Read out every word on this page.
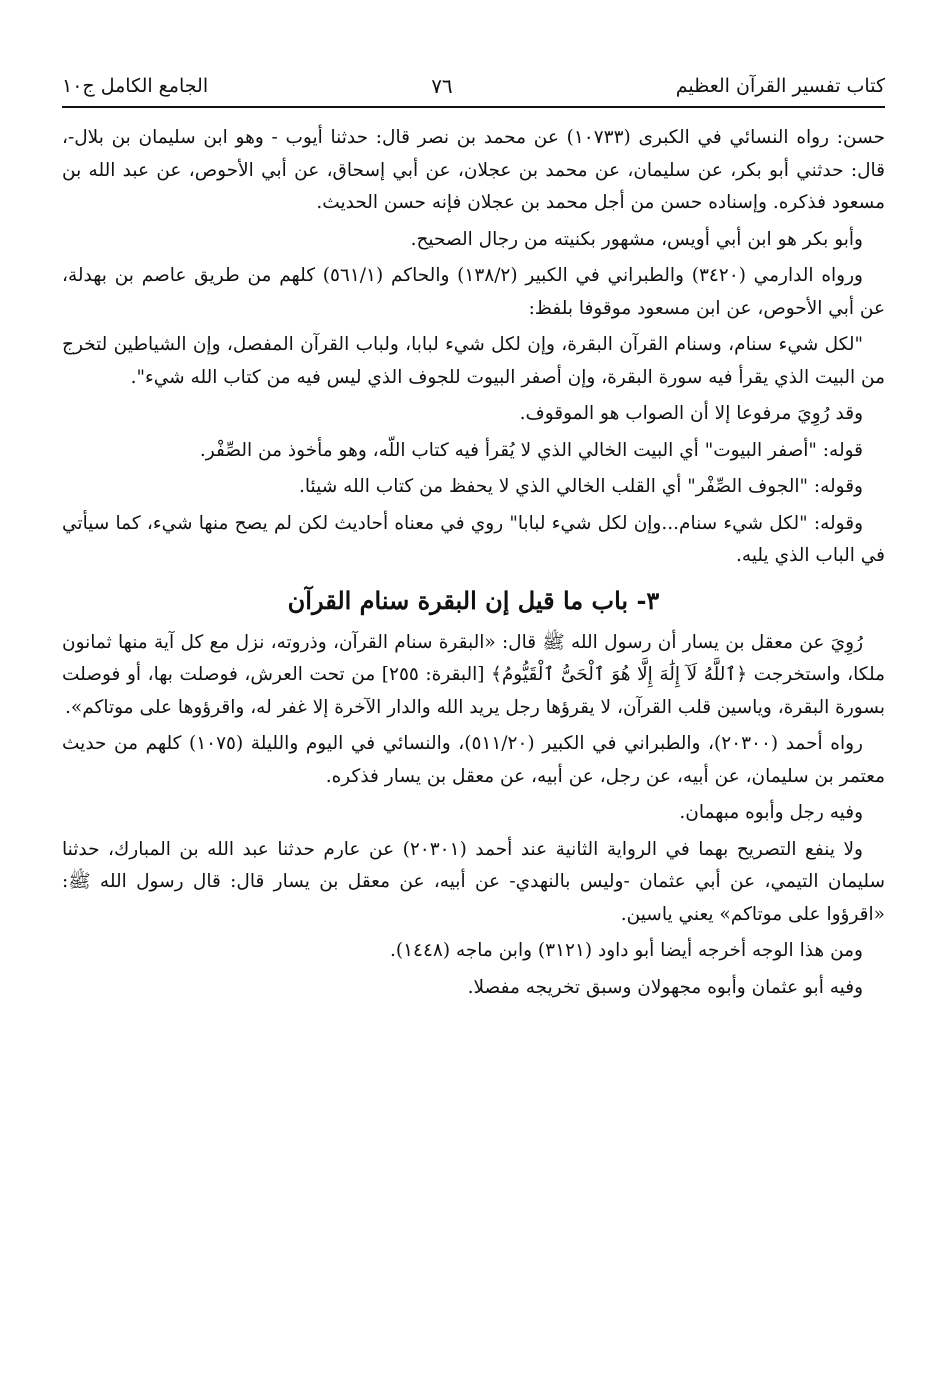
كتاب تفسير القرآن العظيم
٧٦
الجامع الكامل ج١٠

حسن: رواه النسائي في الكبرى (١٠٧٣٣) عن محمد بن نصر قال: حدثنا أيوب - وهو ابن سليمان بن بلال-، قال: حدثني أبو بكر، عن سليمان، عن محمد بن عجلان، عن أبي إسحاق، عن أبي الأحوص، عن عبد الله بن مسعود فذكره. وإسناده حسن من أجل محمد بن عجلان فإنه حسن الحديث.

وأبو بكر هو ابن أبي أويس، مشهور بكنيته من رجال الصحيح.

ورواه الدارمي (٣٤٢٠) والطبراني في الكبير (١٣٨/٢) والحاكم (٥٦١/١) كلهم من طريق عاصم بن بهدلة، عن أبي الأحوص، عن ابن مسعود موقوفا بلفظ:

"لكل شيء سنام، وسنام القرآن البقرة، وإن لكل شيء لبابا، ولباب القرآن المفصل، وإن الشياطين لتخرج من البيت الذي يقرأ فيه سورة البقرة، وإن أصفر البيوت للجوف الذي ليس فيه من كتاب الله شيء".

وقد رُوِيَ مرفوعا إلا أن الصواب هو الموقوف.

قوله: "أصفر البيوت" أي البيت الخالي الذي لا يُقرأ فيه كتاب اللّه، وهو مأخوذ من الصِّفْر.

وقوله: "الجوف الصِّفْر" أي القلب الخالي الذي لا يحفظ من كتاب الله شيئا.

وقوله: "لكل شيء سنام...وإن لكل شيء لبابا" روي في معناه أحاديث لكن لم يصح منها شيء، كما سيأتي في الباب الذي يليه.

٣- باب ما قيل إن البقرة سنام القرآن

رُوِيَ عن معقل بن يسار أن رسول الله ﷺ قال: «البقرة سنام القرآن، وذروته، نزل مع كل آية منها ثمانون ملكا، واستخرجت ﴿ٱللَّهُ لَآ إِلَٰهَ إِلَّا هُوَ ٱلْحَىُّ ٱلْقَيُّومُ﴾ [البقرة: ٢٥٥] من تحت العرش، فوصلت بها، أو فوصلت بسورة البقرة، وياسين قلب القرآن، لا يقرؤها رجل يريد الله والدار الآخرة إلا غفر له، واقرؤوها على موتاكم».

رواه أحمد (٢٠٣٠٠)، والطبراني في الكبير (٥١١/٢٠)، والنسائي في اليوم والليلة (١٠٧٥) كلهم من حديث معتمر بن سليمان، عن أبيه، عن رجل، عن أبيه، عن معقل بن يسار فذكره.

وفيه رجل وأبوه مبهمان.

ولا ينفع التصريح بهما في الرواية الثانية عند أحمد (٢٠٣٠١) عن عارم حدثنا عبد الله بن المبارك، حدثنا سليمان التيمي، عن أبي عثمان -وليس بالنهدي- عن أبيه، عن معقل بن يسار قال: قال رسول الله ﷺ: «اقرؤوا على موتاكم» يعني ياسين.

ومن هذا الوجه أخرجه أيضا أبو داود (٣١٢١) وابن ماجه (١٤٤٨).

وفيه أبو عثمان وأبوه مجهولان وسبق تخريجه مفصلا.
